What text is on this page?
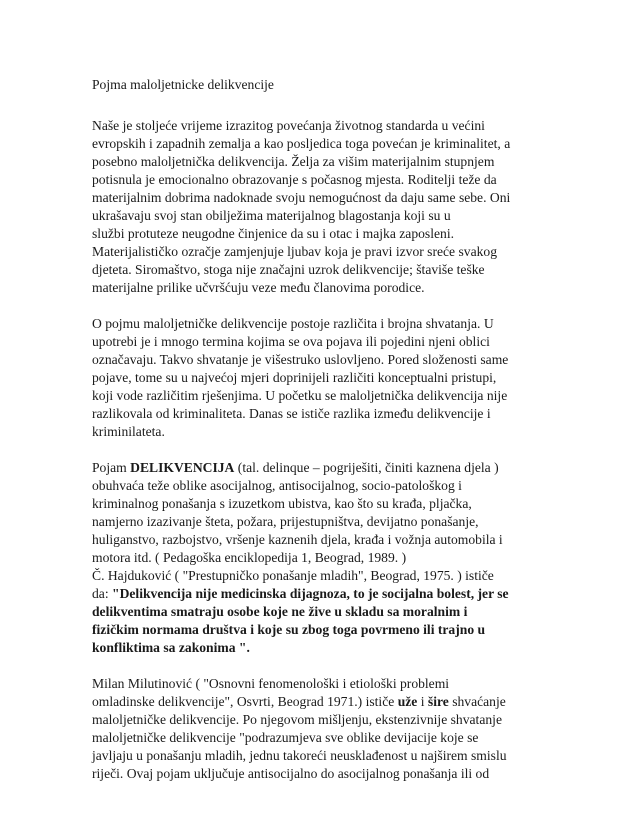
Pojma maloljetnicke delikvencije

Naše je stoljeće vrijeme izrazitog povećanja životnog standarda u većini
evropskih i zapadnih zemalja a kao posljedica toga povećan je kriminalitet, a
posebno maloljetnička delikvencija. Želja za višim materijalnim stupnjem
potisnula je emocionalno obrazovanje s počasnog mjesta. Roditelji teže da
materijalnim dobrima nadoknade svoju nemogućnost da daju same sebe. Oni
ukrašavaju svoj stan obilježima materijalnog blagostanja koji su u
službi protuteze neugodne činjenice da su i otac i majka zaposleni.
Materijalističko ozračje zamjenjuje ljubav koja je pravi izvor sreće svakog
djeteta. Siromaštvo, stoga nije značajni uzrok delikvencije; štaviše teške
materijalne prilike učvršćuju veze među članovima porodice.

O pojmu maloljetničke delikvencije postoje različita i brojna shvatanja. U
upotrebi je i mnogo termina kojima se ova pojava ili pojedini njeni oblici
označavaju. Takvo shvatanje je višestruko uslovljeno. Pored složenosti same
pojave, tome su u najvećoj mjeri doprinijeli različiti konceptualni pristupi,
koji vode različitim rješenjima. U početku se maloljetnička delikvencija nije
razlikovala od kriminaliteta. Danas se ističe razlika između delikvencije i
kriminilateta.

Pojam DELIKVENCIJA (tal. delinque – pogriješiti, činiti kaznena djela )
obuhvaća teže oblike asocijalnog, antisocijalnog, socio-patološkog i
kriminalnog ponašanja s izuzetkom ubistva, kao što su krađa, pljačka,
namjerno izazivanje šteta, požara, prijestupništva, devijatno ponašanje,
huliganstvo, razbojstvo, vršenje kaznenih djela, krađa i vožnja automobila i
motora itd. ( Pedagoška enciklopedija 1, Beograd, 1989. )
Č. Hajduković ( "Prestupničko ponašanje mladih", Beograd, 1975. ) ističe
da: "Delikvencija nije medicinska dijagnoza, to je socijalna bolest, jer se
delikventima smatraju osobe koje ne žive u skladu sa moralnim i
fizičkim normama društva i koje su zbog toga povrmeno ili trajno u
konfliktima sa zakonima ".

Milan Milutinović ( "Osnovni fenomenološki i etiološki problemi
omladinske delikvencije", Osvrti, Beograd 1971.) ističe uže i šire shvaćanje
maloljetničke delikvencije. Po njegovom mišljenju, ekstenzivnije shvatanje
maloljetničke delikvencije "podrazumjeva sve oblike devijacije koje se
javljaju u ponašanju mladih, jednu takoreći neusklađenost u najširem smislu
riječi. Ovaj pojam uključuje antisocijalno do asocijalnog ponašanja ili od
